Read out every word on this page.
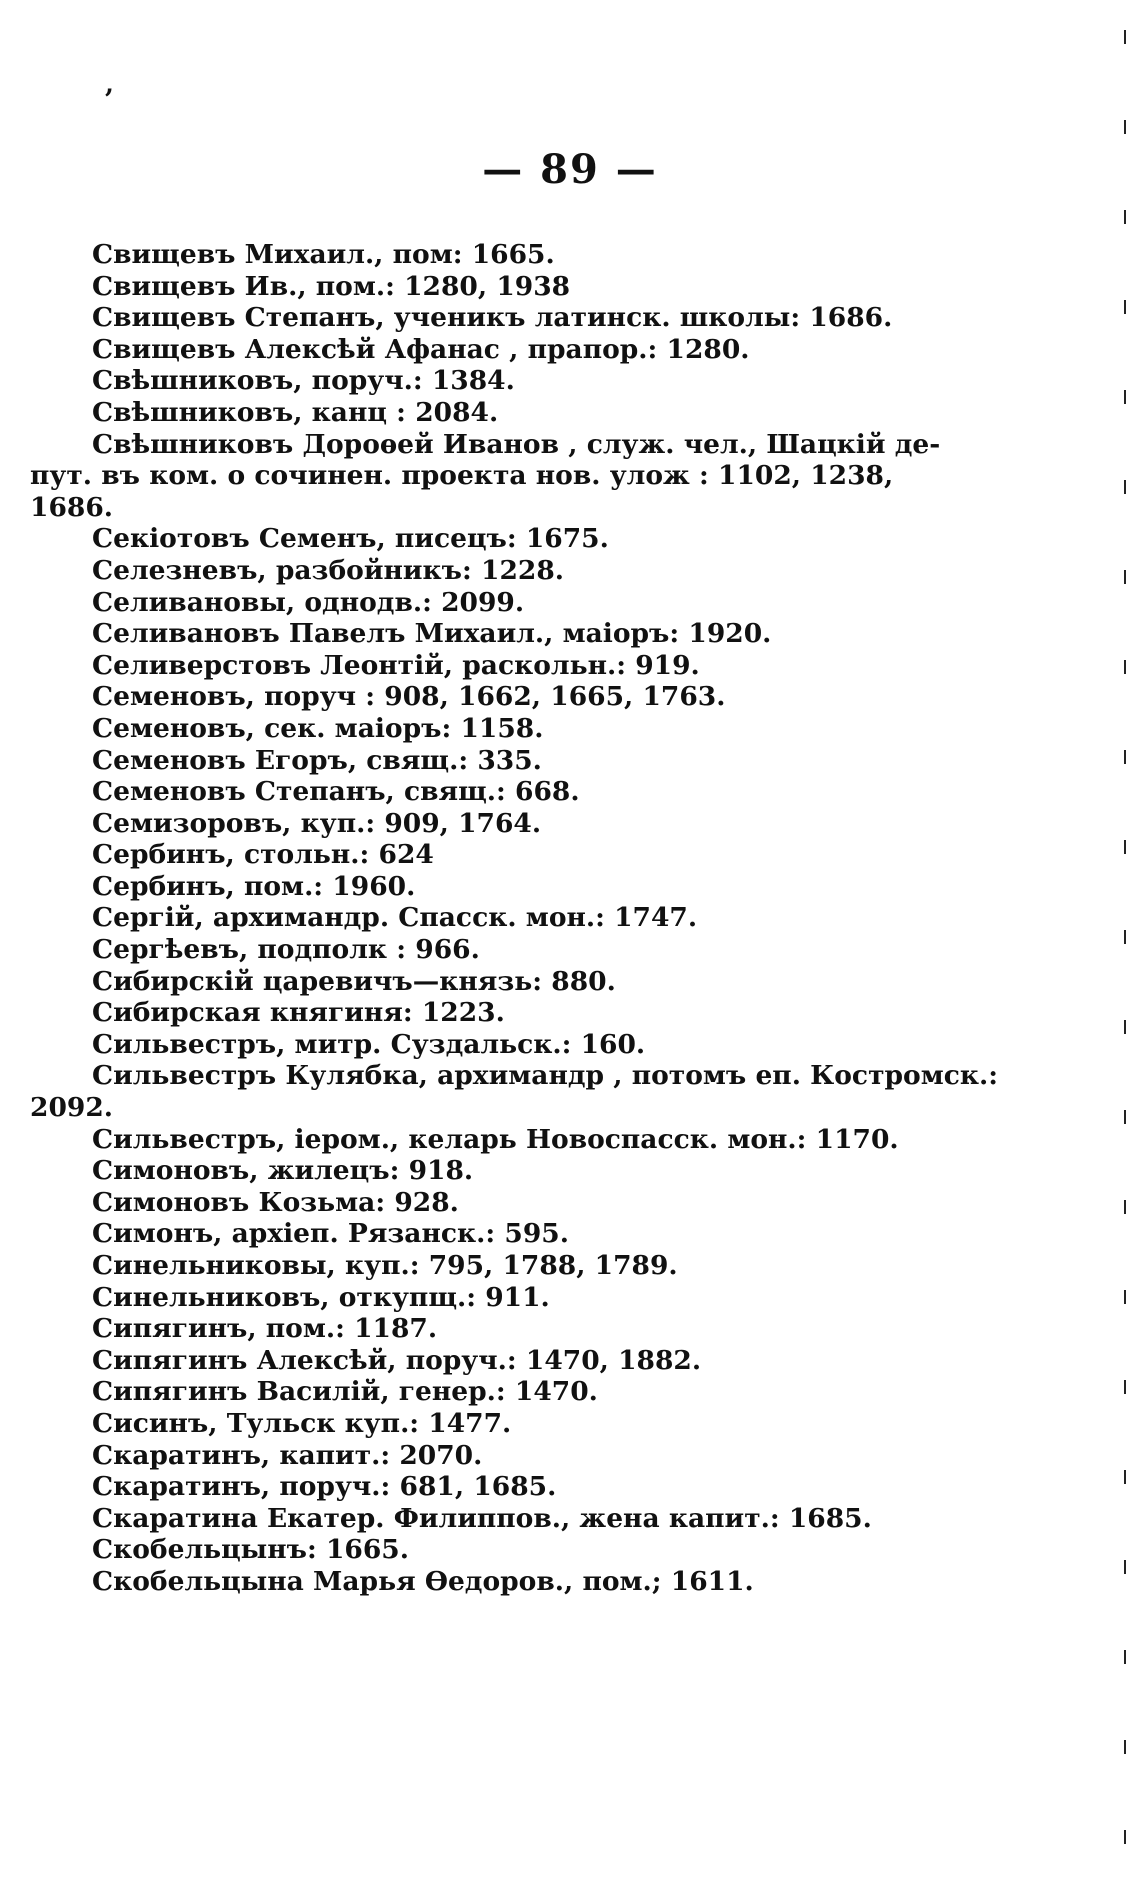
’
— 89 —
Свищевъ Михаил., пом: 1665.
Свищевъ Ив., пом.: 1280, 1938
Свищевъ Степанъ, ученикъ латинск. школы: 1686.
Свищевъ Алексѣй Афанас , прапор.: 1280.
Свѣшниковъ, поруч.: 1384.
Свѣшниковъ, канц : 2084.
Свѣшниковъ Дороѳей Иванов , служ. чел., Шацкій де-
пут. въ ком. о сочинен. проекта нов. улож : 1102, 1238,
1686.
Секіотовъ Семенъ, писецъ: 1675.
Селезневъ, разбойникъ: 1228.
Селивановы, однодв.: 2099.
Селивановъ Павелъ Михаил., маіоръ: 1920.
Селиверстовъ Леонтій, раскольн.: 919.
Семеновъ, поруч : 908, 1662, 1665, 1763.
Семеновъ, сек. маіоръ: 1158.
Семеновъ Егоръ, свящ.: 335.
Семеновъ Степанъ, свящ.: 668.
Семизоровъ, куп.: 909, 1764.
Сербинъ, стольн.: 624
Сербинъ, пом.: 1960.
Сергій, архимандр. Спасск. мон.: 1747.
Сергѣевъ, подполк : 966.
Сибирскій царевичъ—князь: 880.
Сибирская княгиня: 1223.
Сильвестръ, митр. Суздальск.: 160.
Сильвестръ Кулябка, архимандр , потомъ еп. Костромск.:
2092.
Сильвестръ, іером., келарь Новоспасск. мон.: 1170.
Симоновъ, жилецъ: 918.
Симоновъ Козьма: 928.
Симонъ, архіеп. Рязанск.: 595.
Синельниковы, куп.: 795, 1788, 1789.
Синельниковъ, откупщ.: 911.
Сипягинъ, пом.: 1187.
Сипягинъ Алексѣй, поруч.: 1470, 1882.
Сипягинъ Василій, генер.: 1470.
Сисинъ, Тульск куп.: 1477.
Скаратинъ, капит.: 2070.
Скаратинъ, поруч.: 681, 1685.
Скаратина Екатер. Филиппов., жена капит.: 1685.
Скобельцынъ: 1665.
Скобельцына Марья Ѳедоров., пом.; 1611.
